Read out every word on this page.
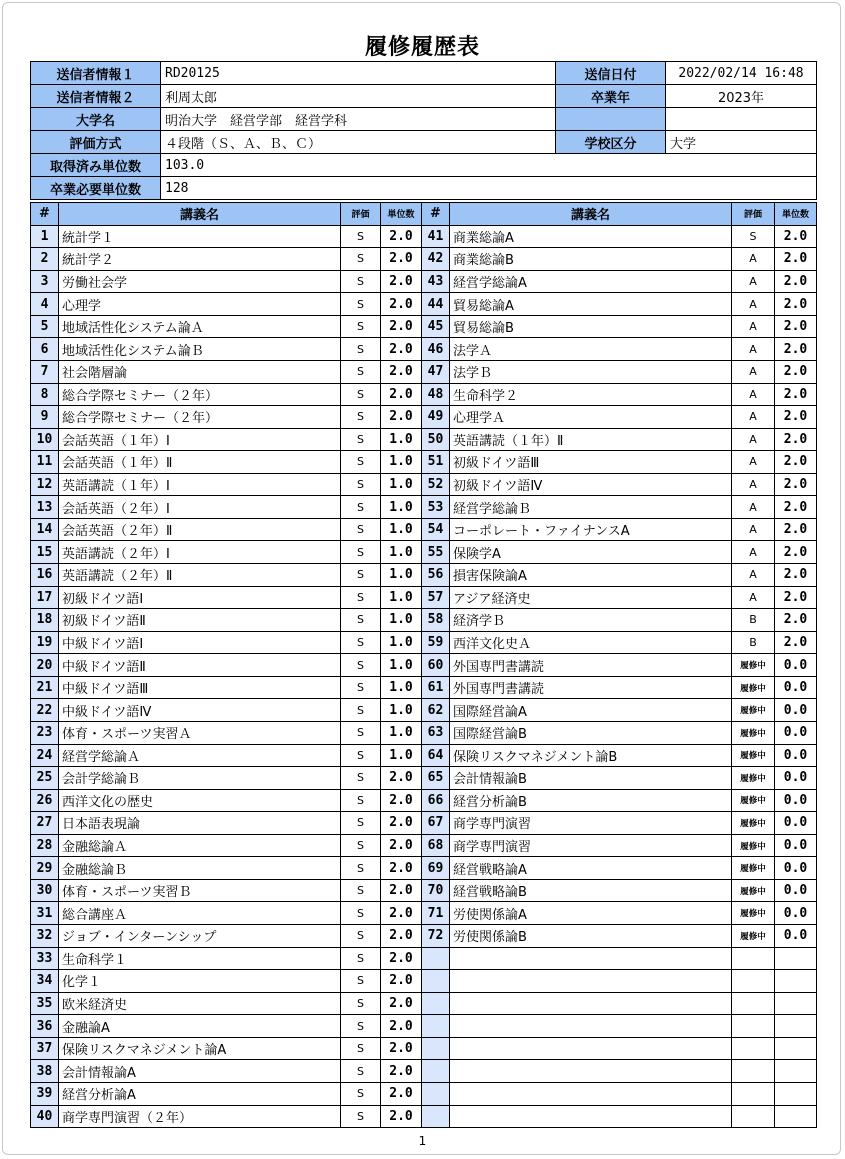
履修履歴表
送信者情報１	RD20125	送信日付	2022/02/14 16:48
送信者情報２	利周太郎	卒業年	2023年
大学名	明治大学　経営学部　経営学科		
評価方式	４段階（Ｓ、Ａ、Ｂ、Ｃ）	学校区分	大学
取得済み単位数	103.0		
卒業必要単位数	128		
#	講義名	評価	単位数	#	講義名	評価	単位数
1	統計学１	S	2.0	41	商業総論A	S	2.0
2	統計学２	S	2.0	42	商業総論B	A	2.0
3	労働社会学	S	2.0	43	経営学総論A	A	2.0
4	心理学	S	2.0	44	貿易総論A	A	2.0
5	地域活性化システム論Ａ	S	2.0	45	貿易総論B	A	2.0
6	地域活性化システム論Ｂ	S	2.0	46	法学Ａ	A	2.0
7	社会階層論	S	2.0	47	法学Ｂ	A	2.0
8	総合学際セミナー（２年）	S	2.0	48	生命科学２	A	2.0
9	総合学際セミナー（２年）	S	2.0	49	心理学Ａ	A	2.0
10	会話英語（１年）Ⅰ	S	1.0	50	英語講読（１年）Ⅱ	A	2.0
11	会話英語（１年）Ⅱ	S	1.0	51	初級ドイツ語Ⅲ	A	2.0
12	英語講読（１年）Ⅰ	S	1.0	52	初級ドイツ語Ⅳ	A	2.0
13	会話英語（２年）Ⅰ	S	1.0	53	経営学総論Ｂ	A	2.0
14	会話英語（２年）Ⅱ	S	1.0	54	コーポレート・ファイナンスA	A	2.0
15	英語講読（２年）Ⅰ	S	1.0	55	保険学A	A	2.0
16	英語講読（２年）Ⅱ	S	1.0	56	損害保険論A	A	2.0
17	初級ドイツ語Ⅰ	S	1.0	57	アジア経済史	A	2.0
18	初級ドイツ語Ⅱ	S	1.0	58	経済学Ｂ	B	2.0
19	中級ドイツ語Ⅰ	S	1.0	59	西洋文化史Ａ	B	2.0
20	中級ドイツ語Ⅱ	S	1.0	60	外国専門書講読	履修中	0.0
21	中級ドイツ語Ⅲ	S	1.0	61	外国専門書講読	履修中	0.0
22	中級ドイツ語Ⅳ	S	1.0	62	国際経営論A	履修中	0.0
23	体育・スポーツ実習Ａ	S	1.0	63	国際経営論B	履修中	0.0
24	経営学総論Ａ	S	1.0	64	保険リスクマネジメント論B	履修中	0.0
25	会計学総論Ｂ	S	2.0	65	会計情報論B	履修中	0.0
26	西洋文化の歴史	S	2.0	66	経営分析論B	履修中	0.0
27	日本語表現論	S	2.0	67	商学専門演習	履修中	0.0
28	金融総論Ａ	S	2.0	68	商学専門演習	履修中	0.0
29	金融総論Ｂ	S	2.0	69	経営戦略論A	履修中	0.0
30	体育・スポーツ実習Ｂ	S	2.0	70	経営戦略論B	履修中	0.0
31	総合講座Ａ	S	2.0	71	労使関係論A	履修中	0.0
32	ジョブ・インターンシップ	S	2.0	72	労使関係論B	履修中	0.0
33	生命科学１	S	2.0				
34	化学１	S	2.0				
35	欧米経済史	S	2.0				
36	金融論A	S	2.0				
37	保険リスクマネジメント論A	S	2.0				
38	会計情報論A	S	2.0				
39	経営分析論A	S	2.0				
40	商学専門演習（２年）	S	2.0				
1
